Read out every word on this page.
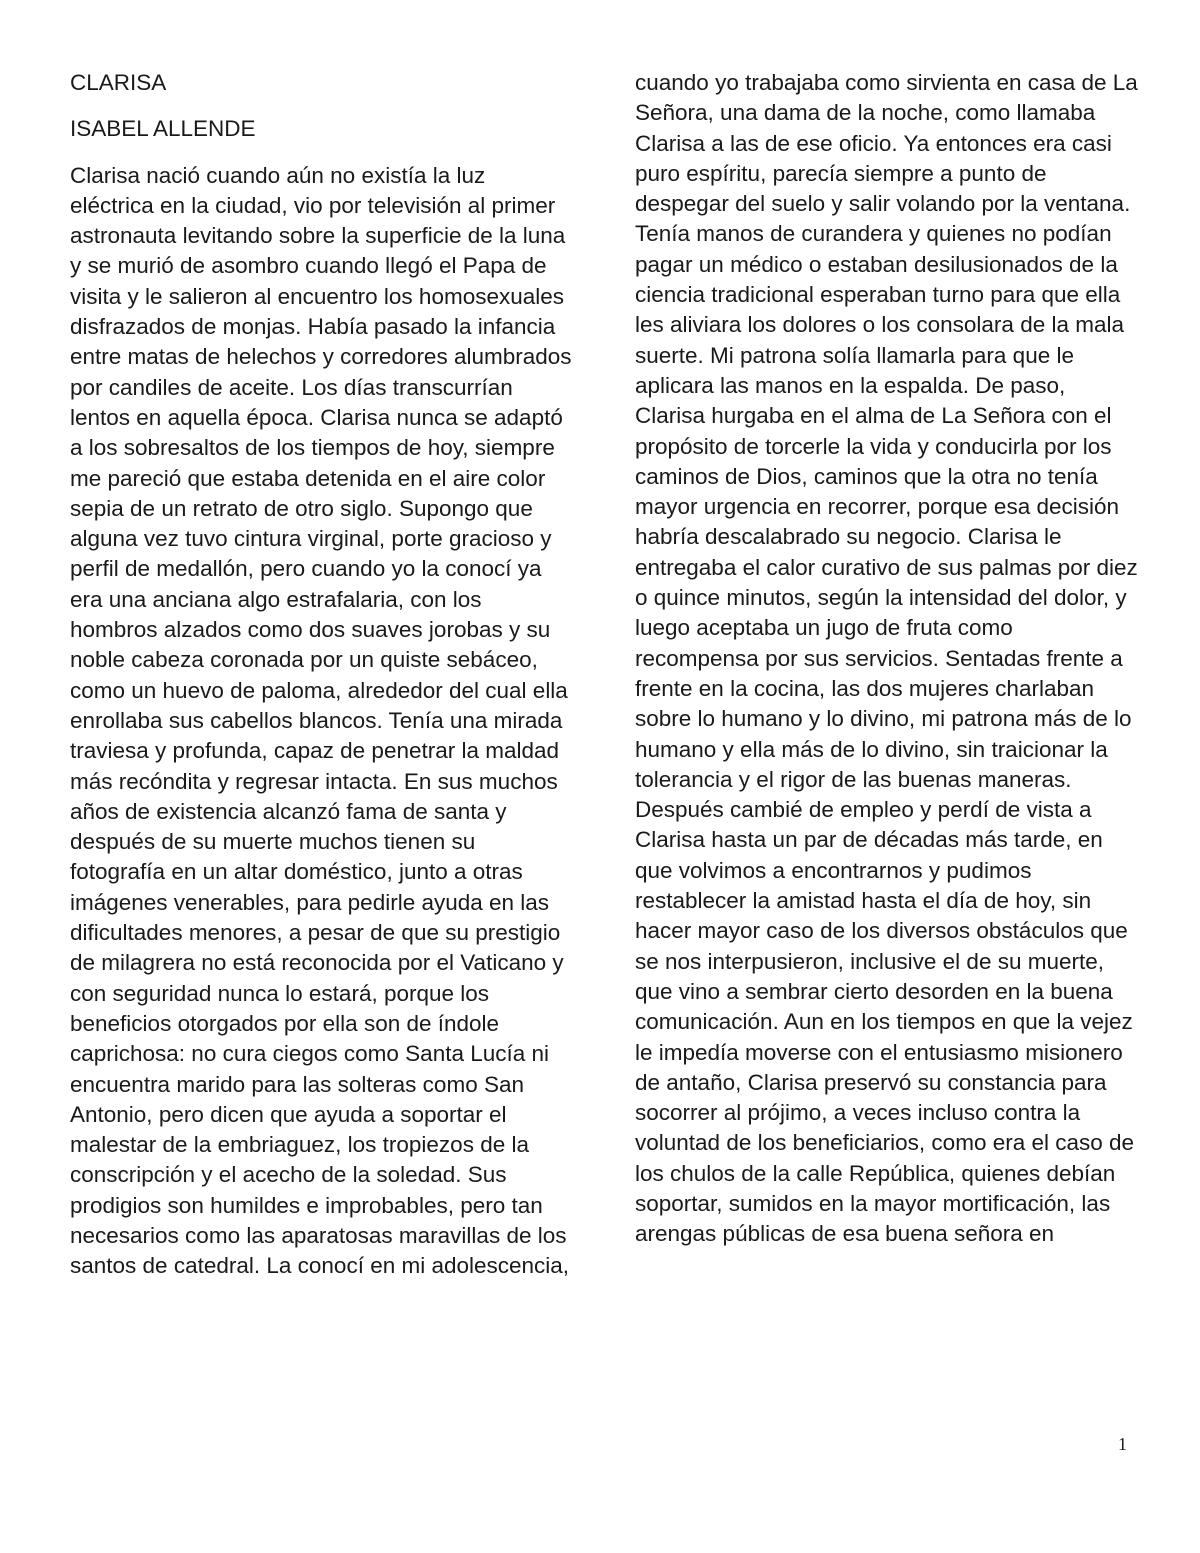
CLARISA
ISABEL ALLENDE

Clarisa nació cuando aún no existía la luz eléctrica en la ciudad, vio por televisión al primer astronauta levitando sobre la superficie de la luna y se murió de asombro cuando llegó el Papa de visita y le salieron al encuentro los homosexuales disfrazados de monjas. Había pasado la infancia entre matas de helechos y corredores alumbrados por candiles de aceite. Los días transcurrían lentos en aquella época. Clarisa nunca se adaptó a los sobresaltos de los tiempos de hoy, siempre me pareció que estaba detenida en el aire color sepia de un retrato de otro siglo. Supongo que alguna vez tuvo cintura virginal, porte gracioso y perfil de medallón, pero cuando yo la conocí ya era una anciana algo estrafalaria, con los hombros alzados como dos suaves jorobas y su noble cabeza coronada por un quiste sebáceo, como un huevo de paloma, alrededor del cual ella enrollaba sus cabellos blancos. Tenía una mirada traviesa y profunda, capaz de penetrar la maldad más recóndita y regresar intacta. En sus muchos años de existencia alcanzó fama de santa y después de su muerte muchos tienen su fotografía en un altar doméstico, junto a otras imágenes venerables, para pedirle ayuda en las dificultades menores, a pesar de que su prestigio de milagrera no está reconocida por el Vaticano y con seguridad nunca lo estará, porque los beneficios otorgados por ella son de índole caprichosa: no cura ciegos como Santa Lucía ni encuentra marido para las solteras como San Antonio, pero dicen que ayuda a soportar el malestar de la embriaguez, los tropiezos de la conscripción y el acecho de la soledad. Sus prodigios son humildes e improbables, pero tan necesarios como las aparatosas maravillas de los santos de catedral. La conocí en mi adolescencia,

cuando yo trabajaba como sirvienta en casa de La Señora, una dama de la noche, como llamaba Clarisa a las de ese oficio. Ya entonces era casi puro espíritu, parecía siempre a punto de despegar del suelo y salir volando por la ventana. Tenía manos de curandera y quienes no podían pagar un médico o estaban desilusionados de la ciencia tradicional esperaban turno para que ella les aliviara los dolores o los consolara de la mala suerte. Mi patrona solía llamarla para que le aplicara las manos en la espalda. De paso, Clarisa hurgaba en el alma de La Señora con el propósito de torcerle la vida y conducirla por los caminos de Dios, caminos que la otra no tenía mayor urgencia en recorrer, porque esa decisión habría descalabrado su negocio. Clarisa le entregaba el calor curativo de sus palmas por diez o quince minutos, según la intensidad del dolor, y luego aceptaba un jugo de fruta como recompensa por sus servicios. Sentadas frente a frente en la cocina, las dos mujeres charlaban sobre lo humano y lo divino, mi patrona más de lo humano y ella más de lo divino, sin traicionar la tolerancia y el rigor de las buenas maneras. Después cambié de empleo y perdí de vista a Clarisa hasta un par de décadas más tarde, en que volvimos a encontrarnos y pudimos restablecer la amistad hasta el día de hoy, sin hacer mayor caso de los diversos obstáculos que se nos interpusieron, inclusive el de su muerte, que vino a sembrar cierto desorden en la buena comunicación. Aun en los tiempos en que la vejez le impedía moverse con el entusiasmo misionero de antaño, Clarisa preservó su constancia para socorrer al prójimo, a veces incluso contra la voluntad de los beneficiarios, como era el caso de los chulos de la calle República, quienes debían soportar, sumidos en la mayor mortificación, las arengas públicas de esa buena señora en

1
